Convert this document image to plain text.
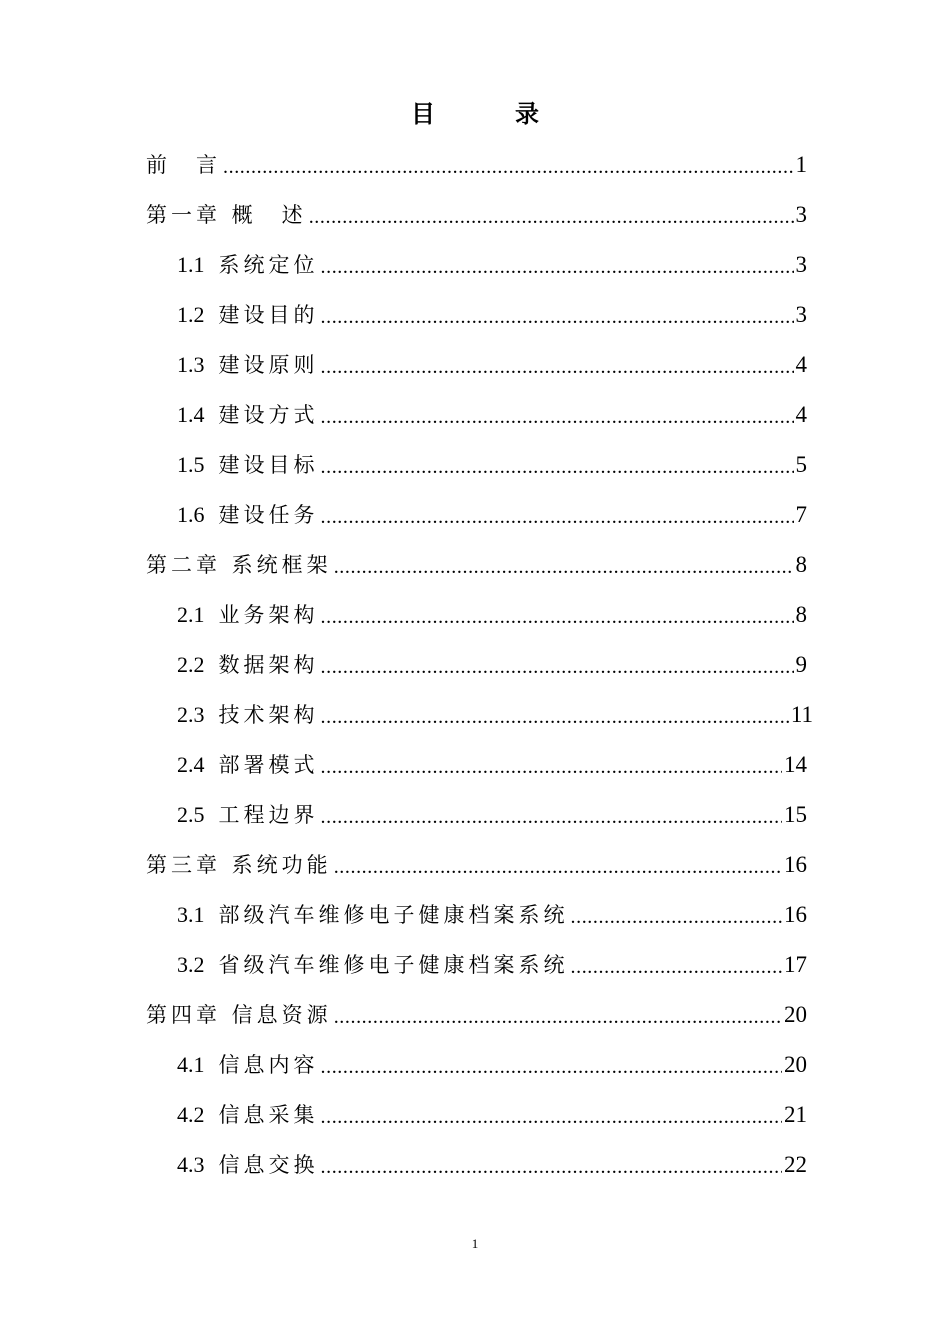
目　录
前　言 .....	1
第一章 概　述 .....	3
1.1 系统定位 .....	3
1.2 建设目的 .....	3
1.3 建设原则 .....	4
1.4 建设方式 .....	4
1.5 建设目标 .....	5
1.6 建设任务 .....	7
第二章 系统框架 .....	8
2.1 业务架构 .....	8
2.2 数据架构 .....	9
2.3 技术架构 .....	11
2.4 部署模式 .....	14
2.5 工程边界 .....	15
第三章 系统功能 .....	16
3.1 部级汽车维修电子健康档案系统 .....	16
3.2 省级汽车维修电子健康档案系统 .....	17
第四章 信息资源 .....	20
4.1 信息内容 .....	20
4.2 信息采集 .....	21
4.3 信息交换 .....	22
1
